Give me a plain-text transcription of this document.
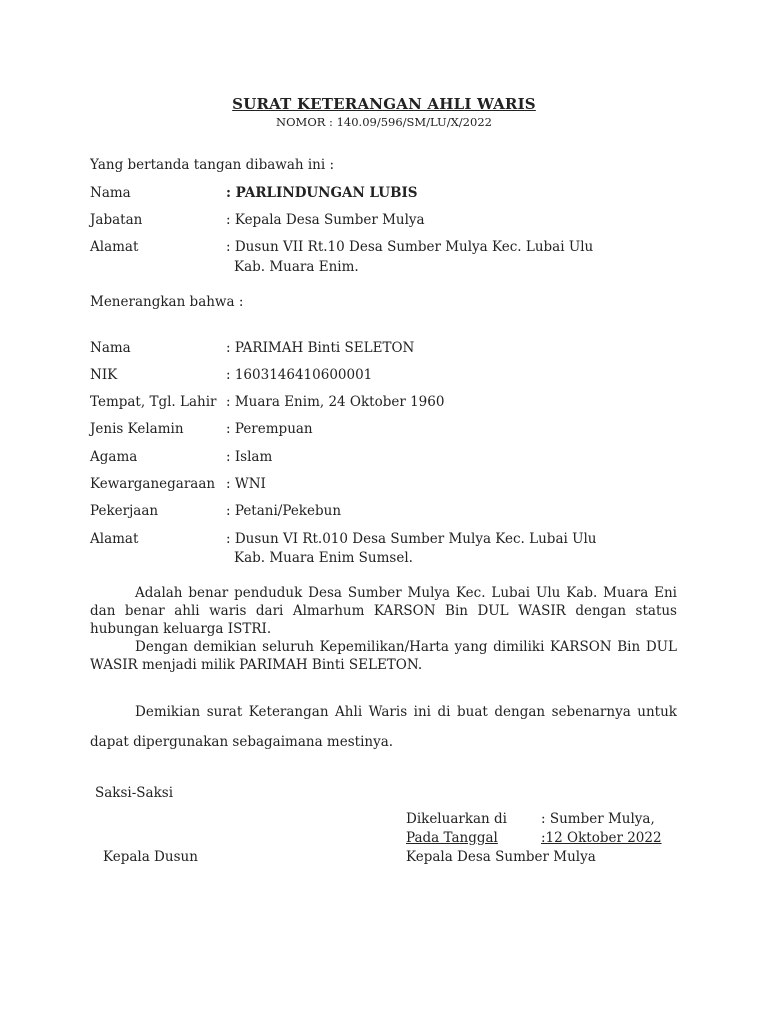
SURAT KETERANGAN AHLI WARIS
NOMOR : 140.09/596/SM/LU/X/2022
Yang bertanda tangan dibawah ini :
Nama	: PARLINDUNGAN LUBIS
Jabatan	: Kepala Desa Sumber Mulya
Alamat	: Dusun VII Rt.10 Desa Sumber Mulya Kec. Lubai Ulu
Kab. Muara Enim.
Menerangkan bahwa :
Nama	: PARIMAH Binti SELETON
NIK	: 1603146410600001
Tempat, Tgl. Lahir : Muara Enim, 24 Oktober 1960
Jenis Kelamin	: Perempuan
Agama	: Islam
Kewarganegaraan : WNI
Pekerjaan	: Petani/Pekebun
Alamat	: Dusun VI Rt.010 Desa Sumber Mulya Kec. Lubai Ulu
Kab. Muara Enim Sumsel.

Adalah benar penduduk Desa Sumber Mulya Kec. Lubai Ulu Kab. Muara Eni dan benar ahli waris dari Almarhum KARSON Bin DUL WASIR dengan status hubungan keluarga ISTRI.

Dengan demikian seluruh Kepemilikan/Harta yang dimiliki KARSON Bin DUL WASIR menjadi milik PARIMAH Binti SELETON.

Demikian surat Keterangan Ahli Waris ini di buat dengan sebenarnya untuk dapat dipergunakan sebagaimana mestinya.

Saksi-Saksi
Dikeluarkan di	: Sumber Mulya,
Pada Tanggal	:12 Oktober 2022
Kepala Dusun	Kepala Desa Sumber Mulya
